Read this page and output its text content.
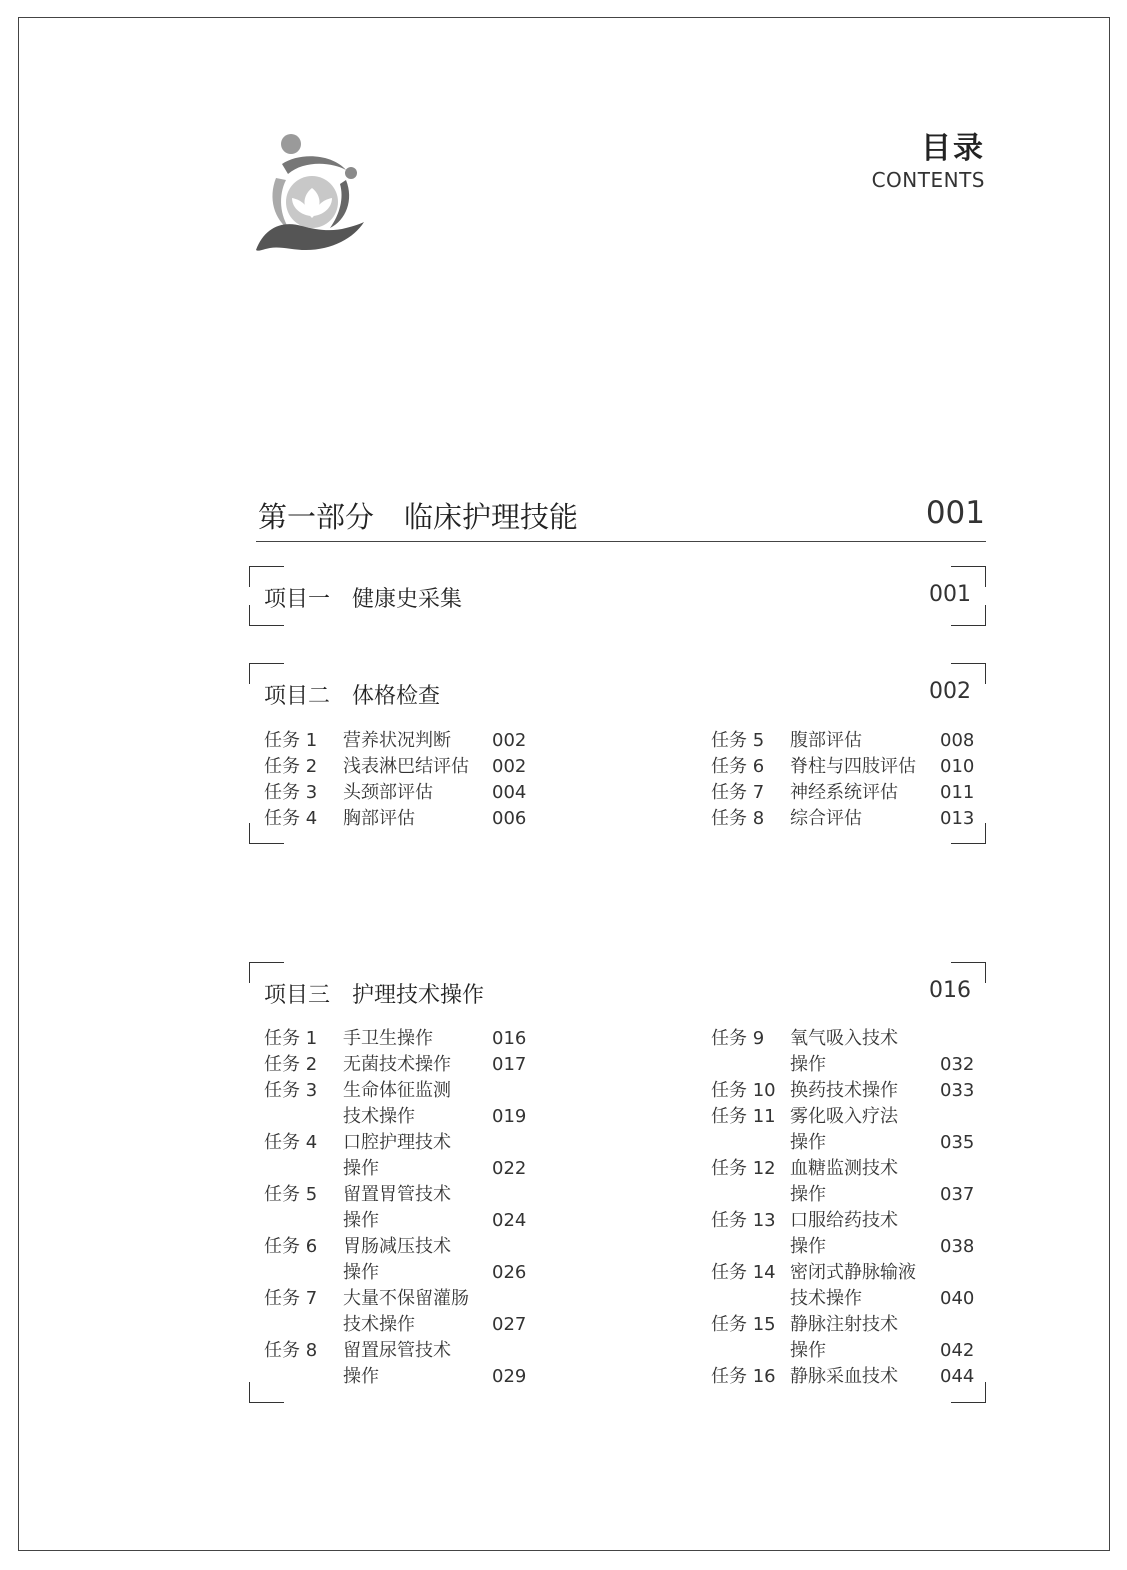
目录
CONTENTS
第一部分 临床护理技能	001
项目一 健康史采集	001
项目二 体格检查	002
任务 1 营养状况判断 002
任务 2 浅表淋巴结评估 002
任务 3 头颈部评估	004
任务 4 胸部评估	006
任务 5 腹部评估	008
任务 6 脊柱与四肢评估 010
任务 7 神经系统评估 011
任务 8 综合评估	013
项目三 护理技术操作	016
任务 1 手卫生操作	016
任务 2 无菌技术操作 017
任务 3 生命体征监测
技术操作	019
任务 4 口腔护理技术
操作	022
任务 5 留置胃管技术
操作	024
任务 6 胃肠减压技术
操作	026
任务 7 大量不保留灌肠
技术操作	027
任务 8 留置尿管技术
操作	029
任务 9 氧气吸入技术
操作	032
任务 10 换药技术操作 033
任务 11 雾化吸入疗法
操作	035
任务 12 血糖监测技术
操作	037
任务 13 口服给药技术
操作	038
任务 14 密闭式静脉输液
技术操作	040
任务 15 静脉注射技术
操作	042
任务 16 静脉采血技术 044
